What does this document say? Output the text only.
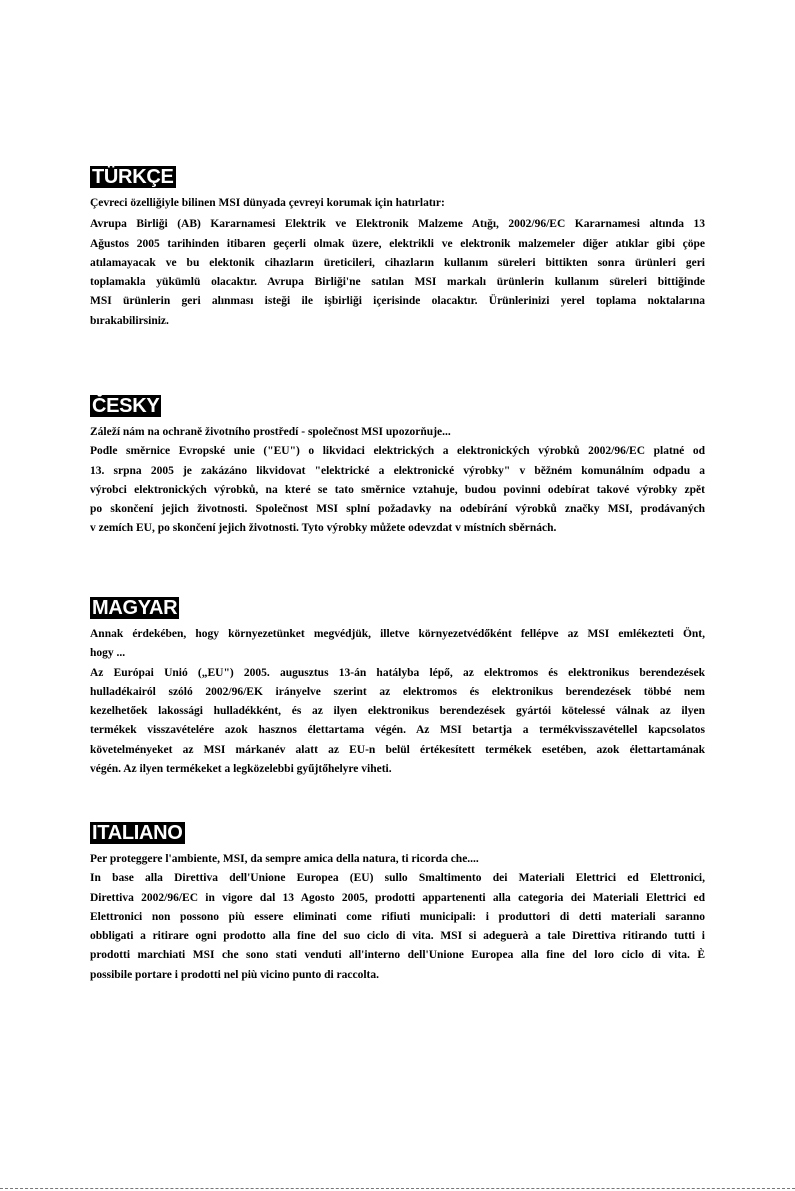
TÜRKÇE
Çevreci özelliğiyle bilinen MSI dünyada çevreyi korumak için hatırlatır:
Avrupa Birliği (AB) Kararnamesi Elektrik ve Elektronik Malzeme Atığı, 2002/96/EC Kararnamesi altında 13
Ağustos 2005 tarihinden itibaren geçerli olmak üzere, elektrikli ve elektronik malzemeler diğer atıklar gibi çöpe
atılamayacak ve bu elektonik cihazların üreticileri, cihazların kullanım süreleri bittikten sonra ürünleri geri
toplamakla yükümlü olacaktır. Avrupa Birliği'ne satılan MSI markalı ürünlerin kullanım süreleri bittiğinde
MSI ürünlerin geri alınması isteği ile işbirliği içerisinde olacaktır. Ürünlerinizi yerel toplama noktalarına
bırakabilirsiniz.
ČESKY
Záleží nám na ochraně životního prostředí - společnost MSI upozorňuje...
Podle směrnice Evropské unie ("EU") o likvidaci elektrických a elektronických výrobků 2002/96/EC platné od
13. srpna 2005 je zakázáno likvidovat "elektrické a elektronické výrobky" v běžném komunálním odpadu a
výrobci elektronických výrobků, na které se tato směrnice vztahuje, budou povinni odebírat takové výrobky zpět
po skončení jejich životnosti. Společnost MSI splní požadavky na odebírání výrobků značky MSI, prodávaných
v zemích EU, po skončení jejich životnosti. Tyto výrobky můžete odevzdat v místních sběrnách.
MAGYAR
Annak érdekében, hogy környezetünket megvédjük, illetve környezetvédőként fellépve az MSI emlékezteti Önt,
hogy ...
Az Európai Unió („EU") 2005. augusztus 13-án hatályba lépő, az elektromos és elektronikus berendezések
hulladékairól szóló 2002/96/EK irányelve szerint az elektromos és elektronikus berendezések többé nem
kezelhetőek lakossági hulladékként, és az ilyen elektronikus berendezések gyártói kötelessé válnak az ilyen
termékek visszavételére azok hasznos élettartama végén. Az MSI betartja a termékvisszavétellel kapcsolatos
követelményeket az MSI márkanév alatt az EU-n belül értékesített termékek esetében, azok élettartamának
végén. Az ilyen termékeket a legközelebbi gyűjtőhelyre viheti.
ITALIANO
Per proteggere l'ambiente, MSI, da sempre amica della natura, ti ricorda che....
In base alla Direttiva dell'Unione Europea (EU) sullo Smaltimento dei Materiali Elettrici ed Elettronici,
Direttiva 2002/96/EC in vigore dal 13 Agosto 2005, prodotti appartenenti alla categoria dei Materiali Elettrici ed
Elettronici non possono più essere eliminati come rifiuti municipali: i produttori di detti materiali saranno
obbligati a ritirare ogni prodotto alla fine del suo ciclo di vita. MSI si adeguerà a tale Direttiva ritirando tutti i
prodotti marchiati MSI che sono stati venduti all'interno dell'Unione Europea alla fine del loro ciclo di vita. È
possibile portare i prodotti nel più vicino punto di raccolta.
